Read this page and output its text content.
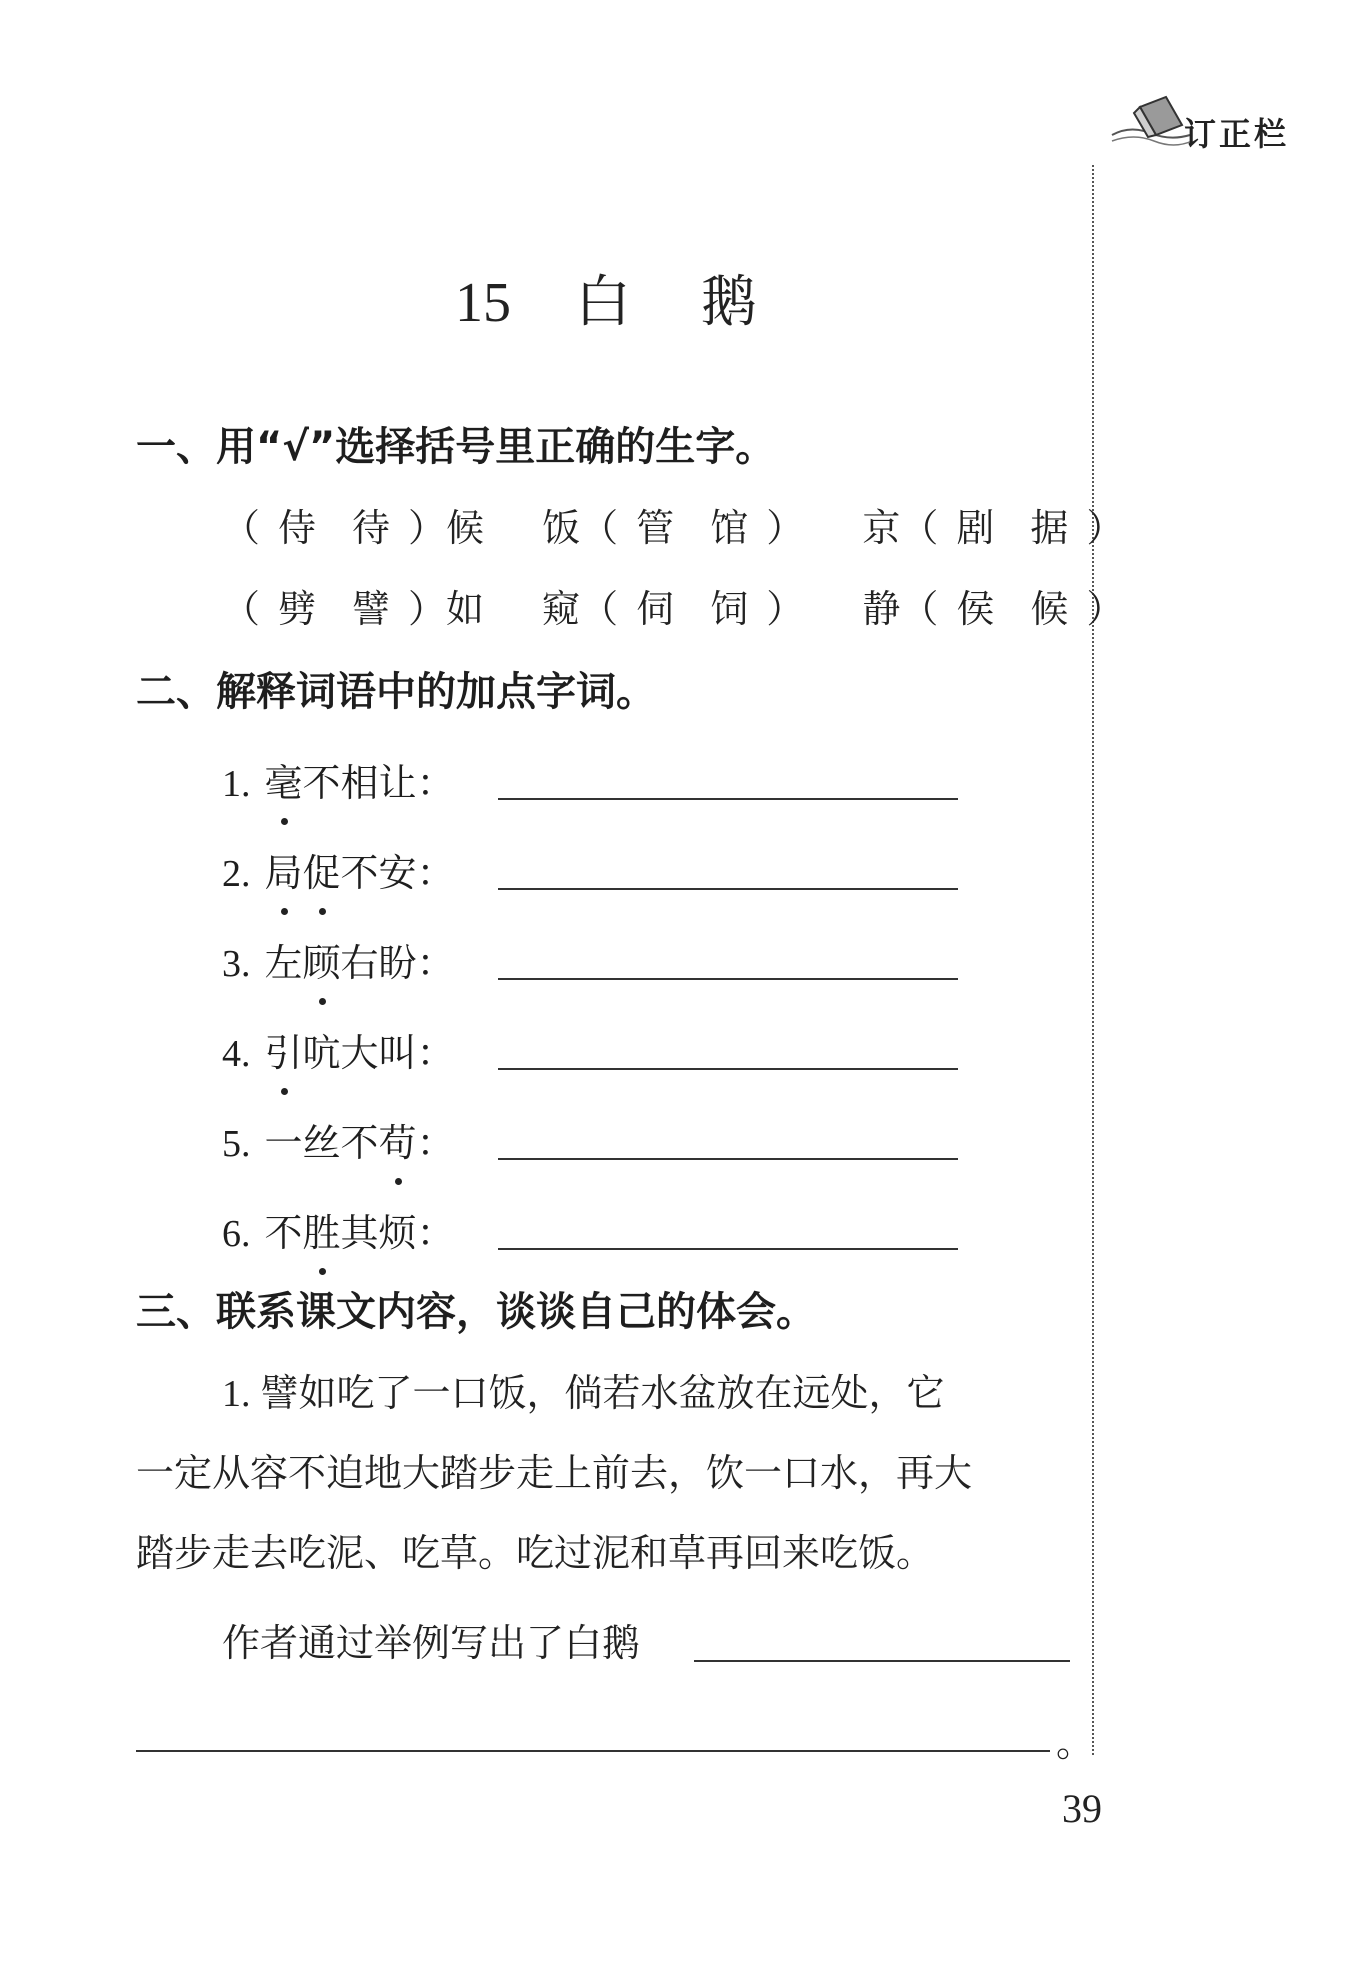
订正栏
15 白 鹅
一、用“√”选择括号里正确的生字。
（ 侍 待 ）候 饭（ 管 馆 ） 京（ 剧 据 ）
（ 劈 譬 ）如 窥（ 伺 饲 ） 静（ 侯 候 ）
二、解释词语中的加点字词。
1. 毫
不相让：
2. 局
促
不安：
3. 左顾
右盼：
4. 引
吭大叫：
5. 一丝不苟
：
6. 不胜
其烦：
三、联系课文内容，谈谈自己的体会。
1. 譬如吃了一口饭，倘若水盆放在远处，它
一定从容不迫地大踏步走上前去，饮一口水，再大
踏步走去吃泥、吃草。吃过泥和草再回来吃饭。
作者通过举例写出了白鹅
。
39
